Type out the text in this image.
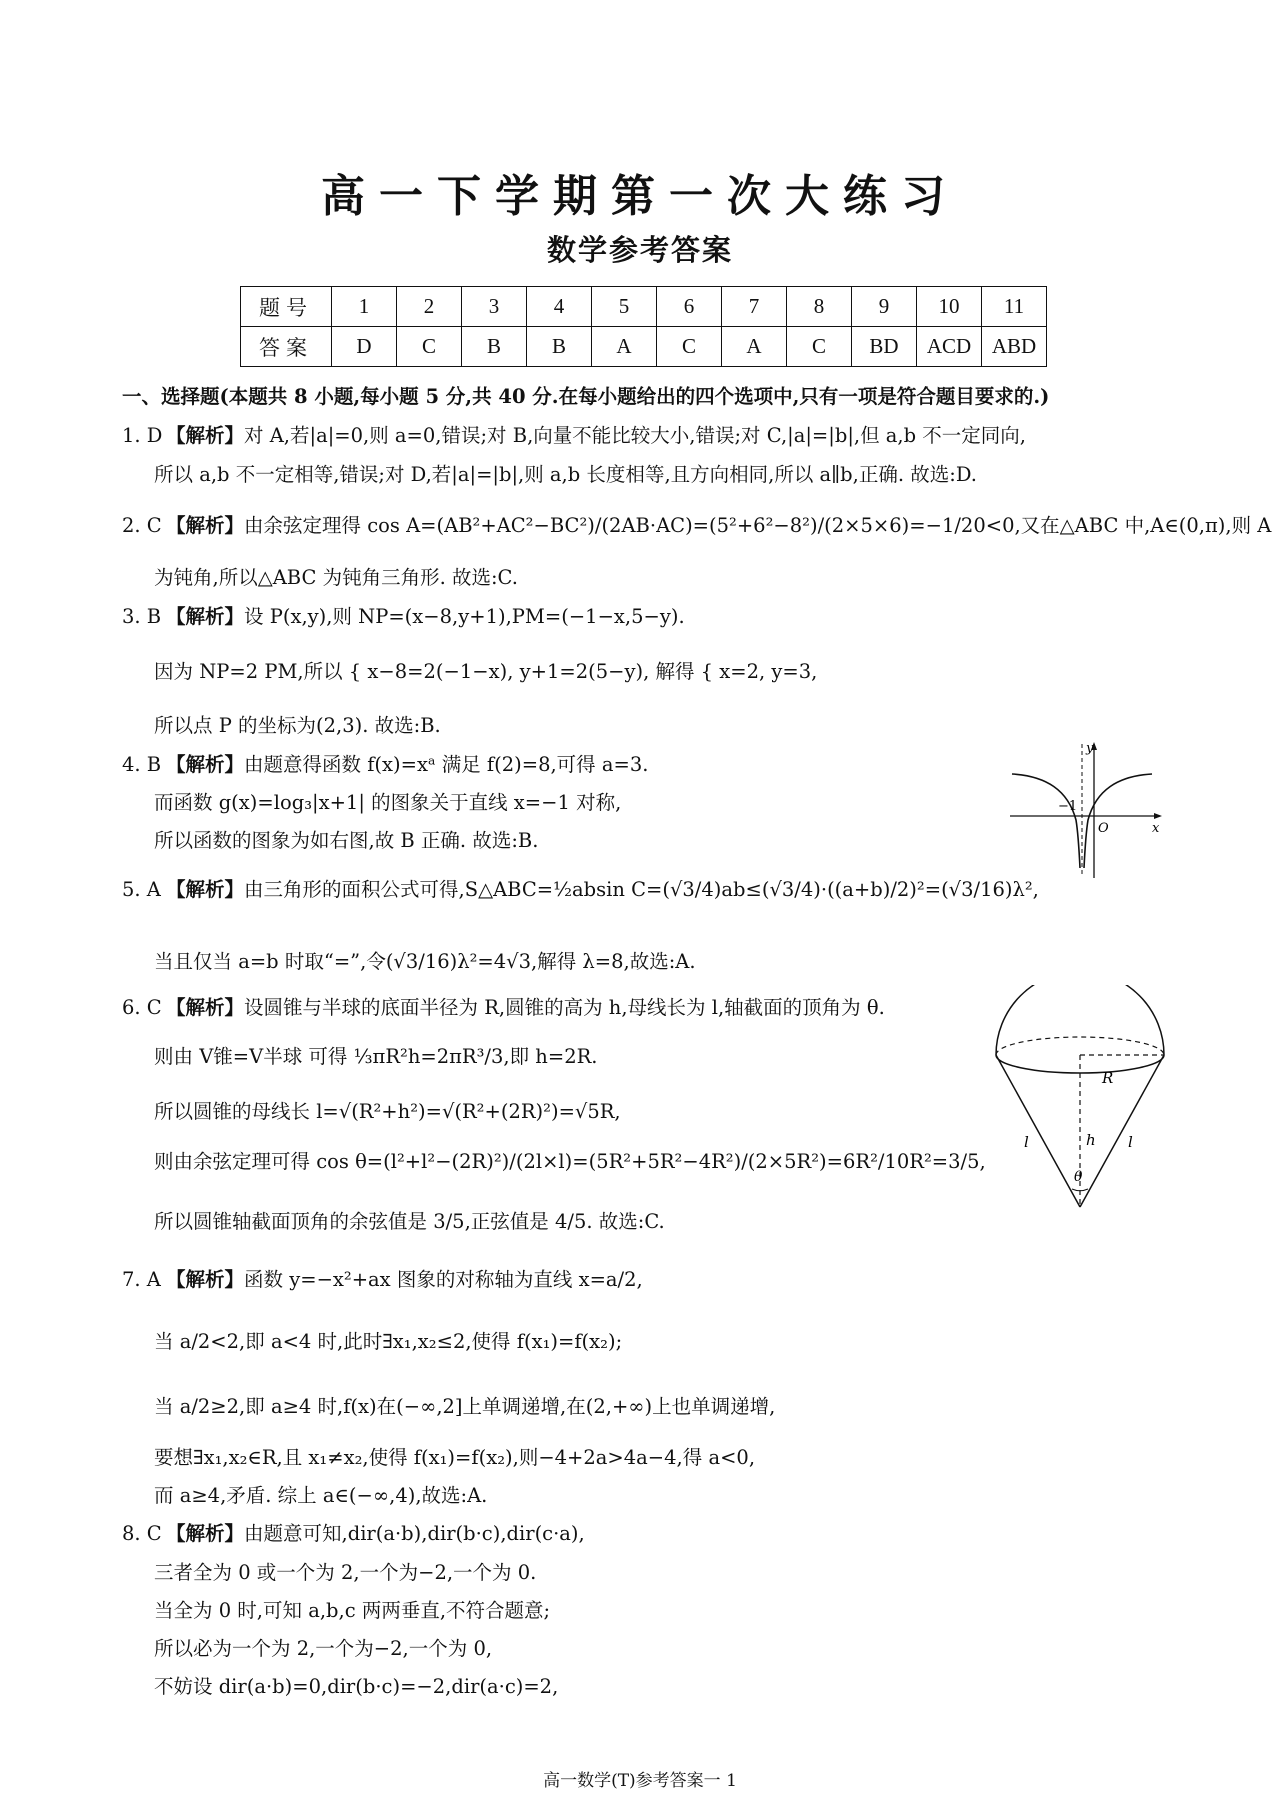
高一下学期第一次大练习
数学参考答案
题号	1	2	3	4	5	6	7	8	9	10	11
答案	D	C	B	B	A	C	A	C	BD	ACD	ABD
一、选择题(本题共 8 小题,每小题 5 分,共 40 分.在每小题给出的四个选项中,只有一项是符合题目要求的.)
1. D 【解析】对 A,若|a|=0,则 a=0,错误;对 B,向量不能比较大小,错误;对 C,|a|=|b|,但 a,b 不一定同向,
所以 a,b 不一定相等,错误;对 D,若|a|=|b|,则 a,b 长度相等,且方向相同,所以 a∥b,正确. 故选:D.
2. C 【解析】由余弦定理得 cos A=(AB²+AC²−BC²)/(2AB·AC)=(5²+6²−8²)/(2×5×6)=−1/20<0,又在△ABC 中,A∈(0,π),则 A
为钝角,所以△ABC 为钝角三角形. 故选:C.
3. B 【解析】设 P(x,y),则 NP=(x−8,y+1),PM=(−1−x,5−y).
因为 NP=2 PM,所以 { x−8=2(−1−x), y+1=2(5−y), 解得 { x=2, y=3,
所以点 P 的坐标为(2,3). 故选:B.
4. B 【解析】由题意得函数 f(x)=xᵃ 满足 f(2)=8,可得 a=3.
而函数 g(x)=log₃|x+1| 的图象关于直线 x=−1 对称,
所以函数的图象为如右图,故 B 正确. 故选:B.
y
x
O
−1
5. A 【解析】由三角形的面积公式可得,S△ABC=½absin C=(√3/4)ab≤(√3/4)·((a+b)/2)²=(√3/16)λ²,
当且仅当 a=b 时取“=”,令(√3/16)λ²=4√3,解得 λ=8,故选:A.
6. C 【解析】设圆锥与半球的底面半径为 R,圆锥的高为 h,母线长为 l,轴截面的顶角为 θ.
则由 V锥=V半球 可得 ⅓πR²h=2πR³/3,即 h=2R.
所以圆锥的母线长 l=√(R²+h²)=√(R²+(2R)²)=√5R,
则由余弦定理可得 cos θ=(l²+l²−(2R)²)/(2l×l)=(5R²+5R²−4R²)/(2×5R²)=6R²/10R²=3/5,
所以圆锥轴截面顶角的余弦值是 3/5,正弦值是 4/5. 故选:C.
R
h
l	l
θ
7. A 【解析】函数 y=−x²+ax 图象的对称轴为直线 x=a/2,
当 a/2<2,即 a<4 时,此时∃x₁,x₂≤2,使得 f(x₁)=f(x₂);
当 a/2≥2,即 a≥4 时,f(x)在(−∞,2]上单调递增,在(2,+∞)上也单调递增,
要想∃x₁,x₂∈R,且 x₁≠x₂,使得 f(x₁)=f(x₂),则−4+2a>4a−4,得 a<0,
而 a≥4,矛盾. 综上 a∈(−∞,4),故选:A.
8. C 【解析】由题意可知,dir(a·b),dir(b·c),dir(c·a),
三者全为 0 或一个为 2,一个为−2,一个为 0.
当全为 0 时,可知 a,b,c 两两垂直,不符合题意;
所以必为一个为 2,一个为−2,一个为 0,
不妨设 dir(a·b)=0,dir(b·c)=−2,dir(a·c)=2,
高一数学(T)参考答案一 1
